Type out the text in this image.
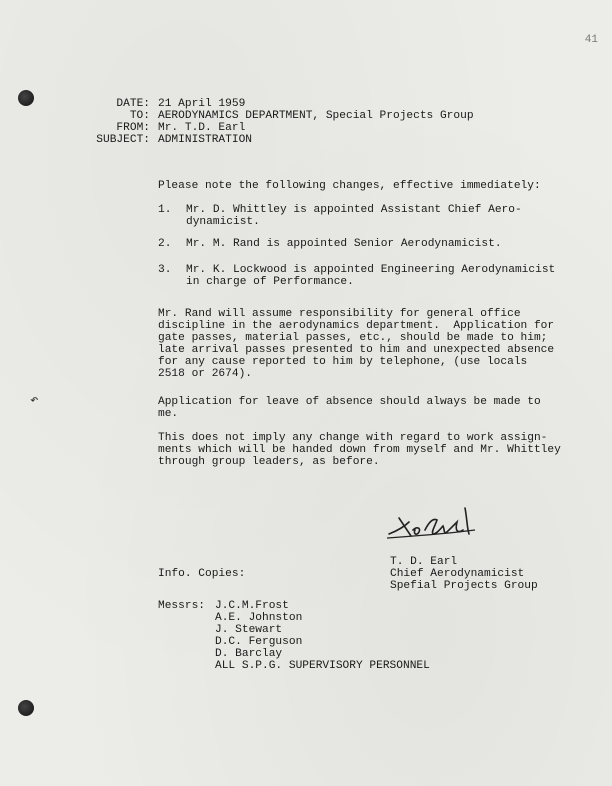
41
↶
DATE: 21 April 1959
TO: AERODYNAMICS DEPARTMENT, Special Projects Group
FROM: Mr. T.D. Earl
SUBJECT: ADMINISTRATION
Please note the following changes, effective immediately:
1. Mr. D. Whittley is appointed Assistant Chief Aero-
dynamicist.
2. Mr. M. Rand is appointed Senior Aerodynamicist.
3. Mr. K. Lockwood is appointed Engineering Aerodynamicist
in charge of Performance.
Mr. Rand will assume responsibility for general office
discipline in the aerodynamics department.  Application for
gate passes, material passes, etc., should be made to him;
late arrival passes presented to him and unexpected absence
for any cause reported to him by telephone, (use locals
2518 or 2674).
Application for leave of absence should always be made to
me.
This does not imply any change with regard to work assign-
ments which will be handed down from myself and Mr. Whittley
through group leaders, as before.
T. D. Earl
Chief Aerodynamicist
Spefial Projects Group
Info. Copies:
Messrs: J.C.M.Frost
A.E. Johnston
J. Stewart
D.C. Ferguson
D. Barclay
ALL S.P.G. SUPERVISORY PERSONNEL
